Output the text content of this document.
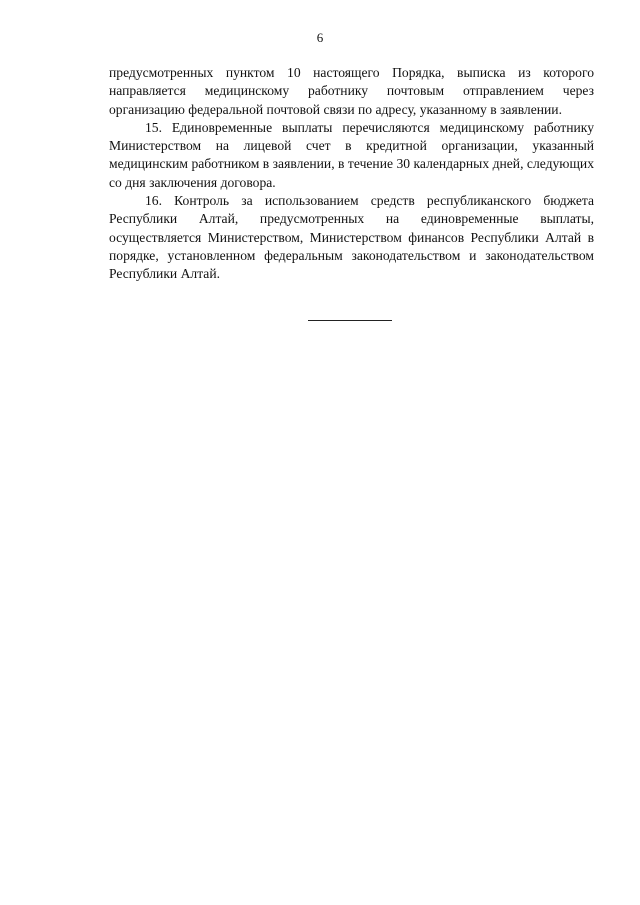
6

предусмотренных пунктом 10 настоящего Порядка, выписка из которого направляется медицинскому работнику почтовым отправлением через организацию федеральной почтовой связи по адресу, указанному в заявлении.

15. Единовременные выплаты перечисляются медицинскому работнику Министерством на лицевой счет в кредитной организации, указанный медицинским работником в заявлении, в течение 30 календарных дней, следующих со дня заключения договора.

16. Контроль за использованием средств республиканского бюджета Республики Алтай, предусмотренных на единовременные выплаты, осуществляется Министерством, Министерством финансов Республики Алтай в порядке, установленном федеральным законодательством и законодательством Республики Алтай.
